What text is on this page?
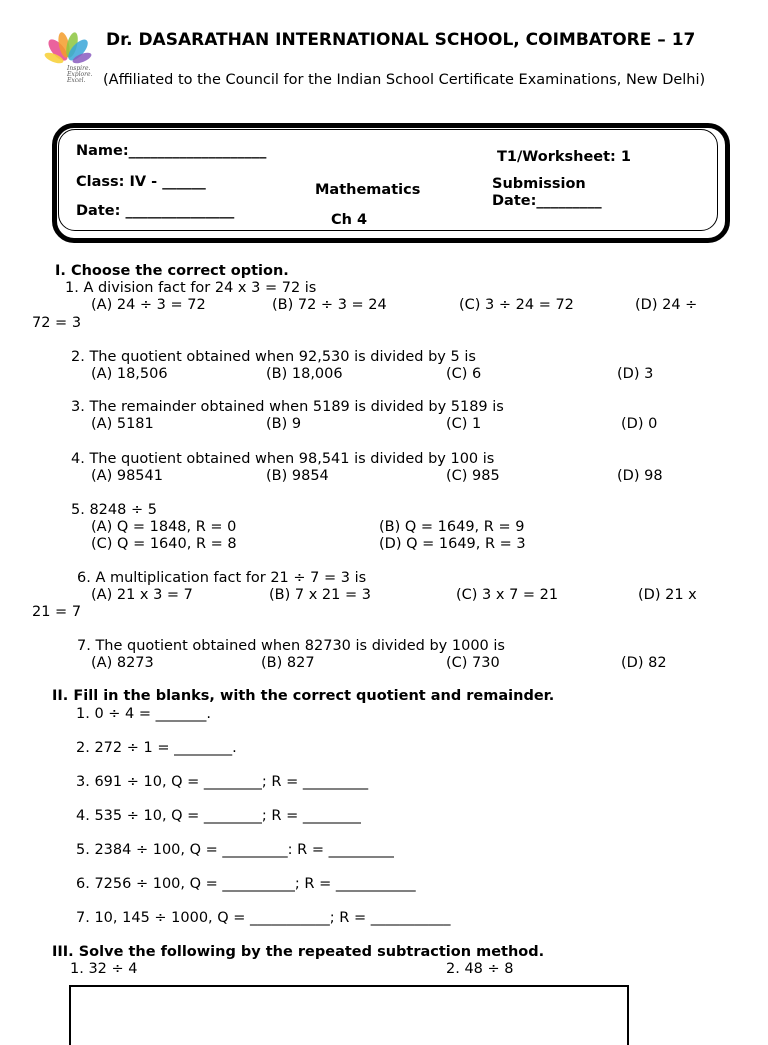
Inspire.
Explore.
Excel.
Dr. DASARATHAN INTERNATIONAL SCHOOL, COIMBATORE – 17
(Affiliated to the Council for the Indian School Certificate Examinations, New Delhi)
Name:___________________
Class: IV - ______
Date: _______________
Mathematics
Ch 4
T1/Worksheet: 1
Submission
Date:_________
I. Choose the correct option.
1. A division fact for 24 x 3 = 72 is
(A) 24 ÷ 3 = 72	(B) 72 ÷ 3 = 24	(C) 3 ÷ 24 = 72	(D) 24 ÷
72 = 3
2. The quotient obtained when 92,530 is divided by 5 is
(A) 18,506	(B) 18,006	(C) 6	(D) 3
3. The remainder obtained when 5189 is divided by 5189 is
(A) 5181	(B) 9	(C) 1	(D) 0
4. The quotient obtained when 98,541 is divided by 100 is
(A) 98541	(B) 9854	(C) 985	(D) 98
5. 8248 ÷ 5
(A) Q = 1848, R = 0	(B) Q = 1649, R = 9
(C) Q = 1640, R = 8	(D) Q = 1649, R = 3
6. A multiplication fact for 21 ÷ 7 = 3 is
(A) 21 x 3 = 7	(B) 7 x 21 = 3	(C) 3 x 7 = 21	(D) 21 x
21 = 7
7. The quotient obtained when 82730 is divided by 1000 is
(A) 8273	(B) 827	(C) 730	(D) 82
II. Fill in the blanks, with the correct quotient and remainder.
1. 0 ÷ 4 = _______.
2. 272 ÷ 1 = ________.
3. 691 ÷ 10, Q = ________; R = _________
4. 535 ÷ 10, Q = ________; R = ________
5. 2384 ÷ 100, Q = _________: R = _________
6. 7256 ÷ 100, Q = __________; R = ___________
7. 10, 145 ÷ 1000, Q = ___________; R = ___________
III. Solve the following by the repeated subtraction method.
1. 32 ÷ 4	2. 48 ÷ 8
